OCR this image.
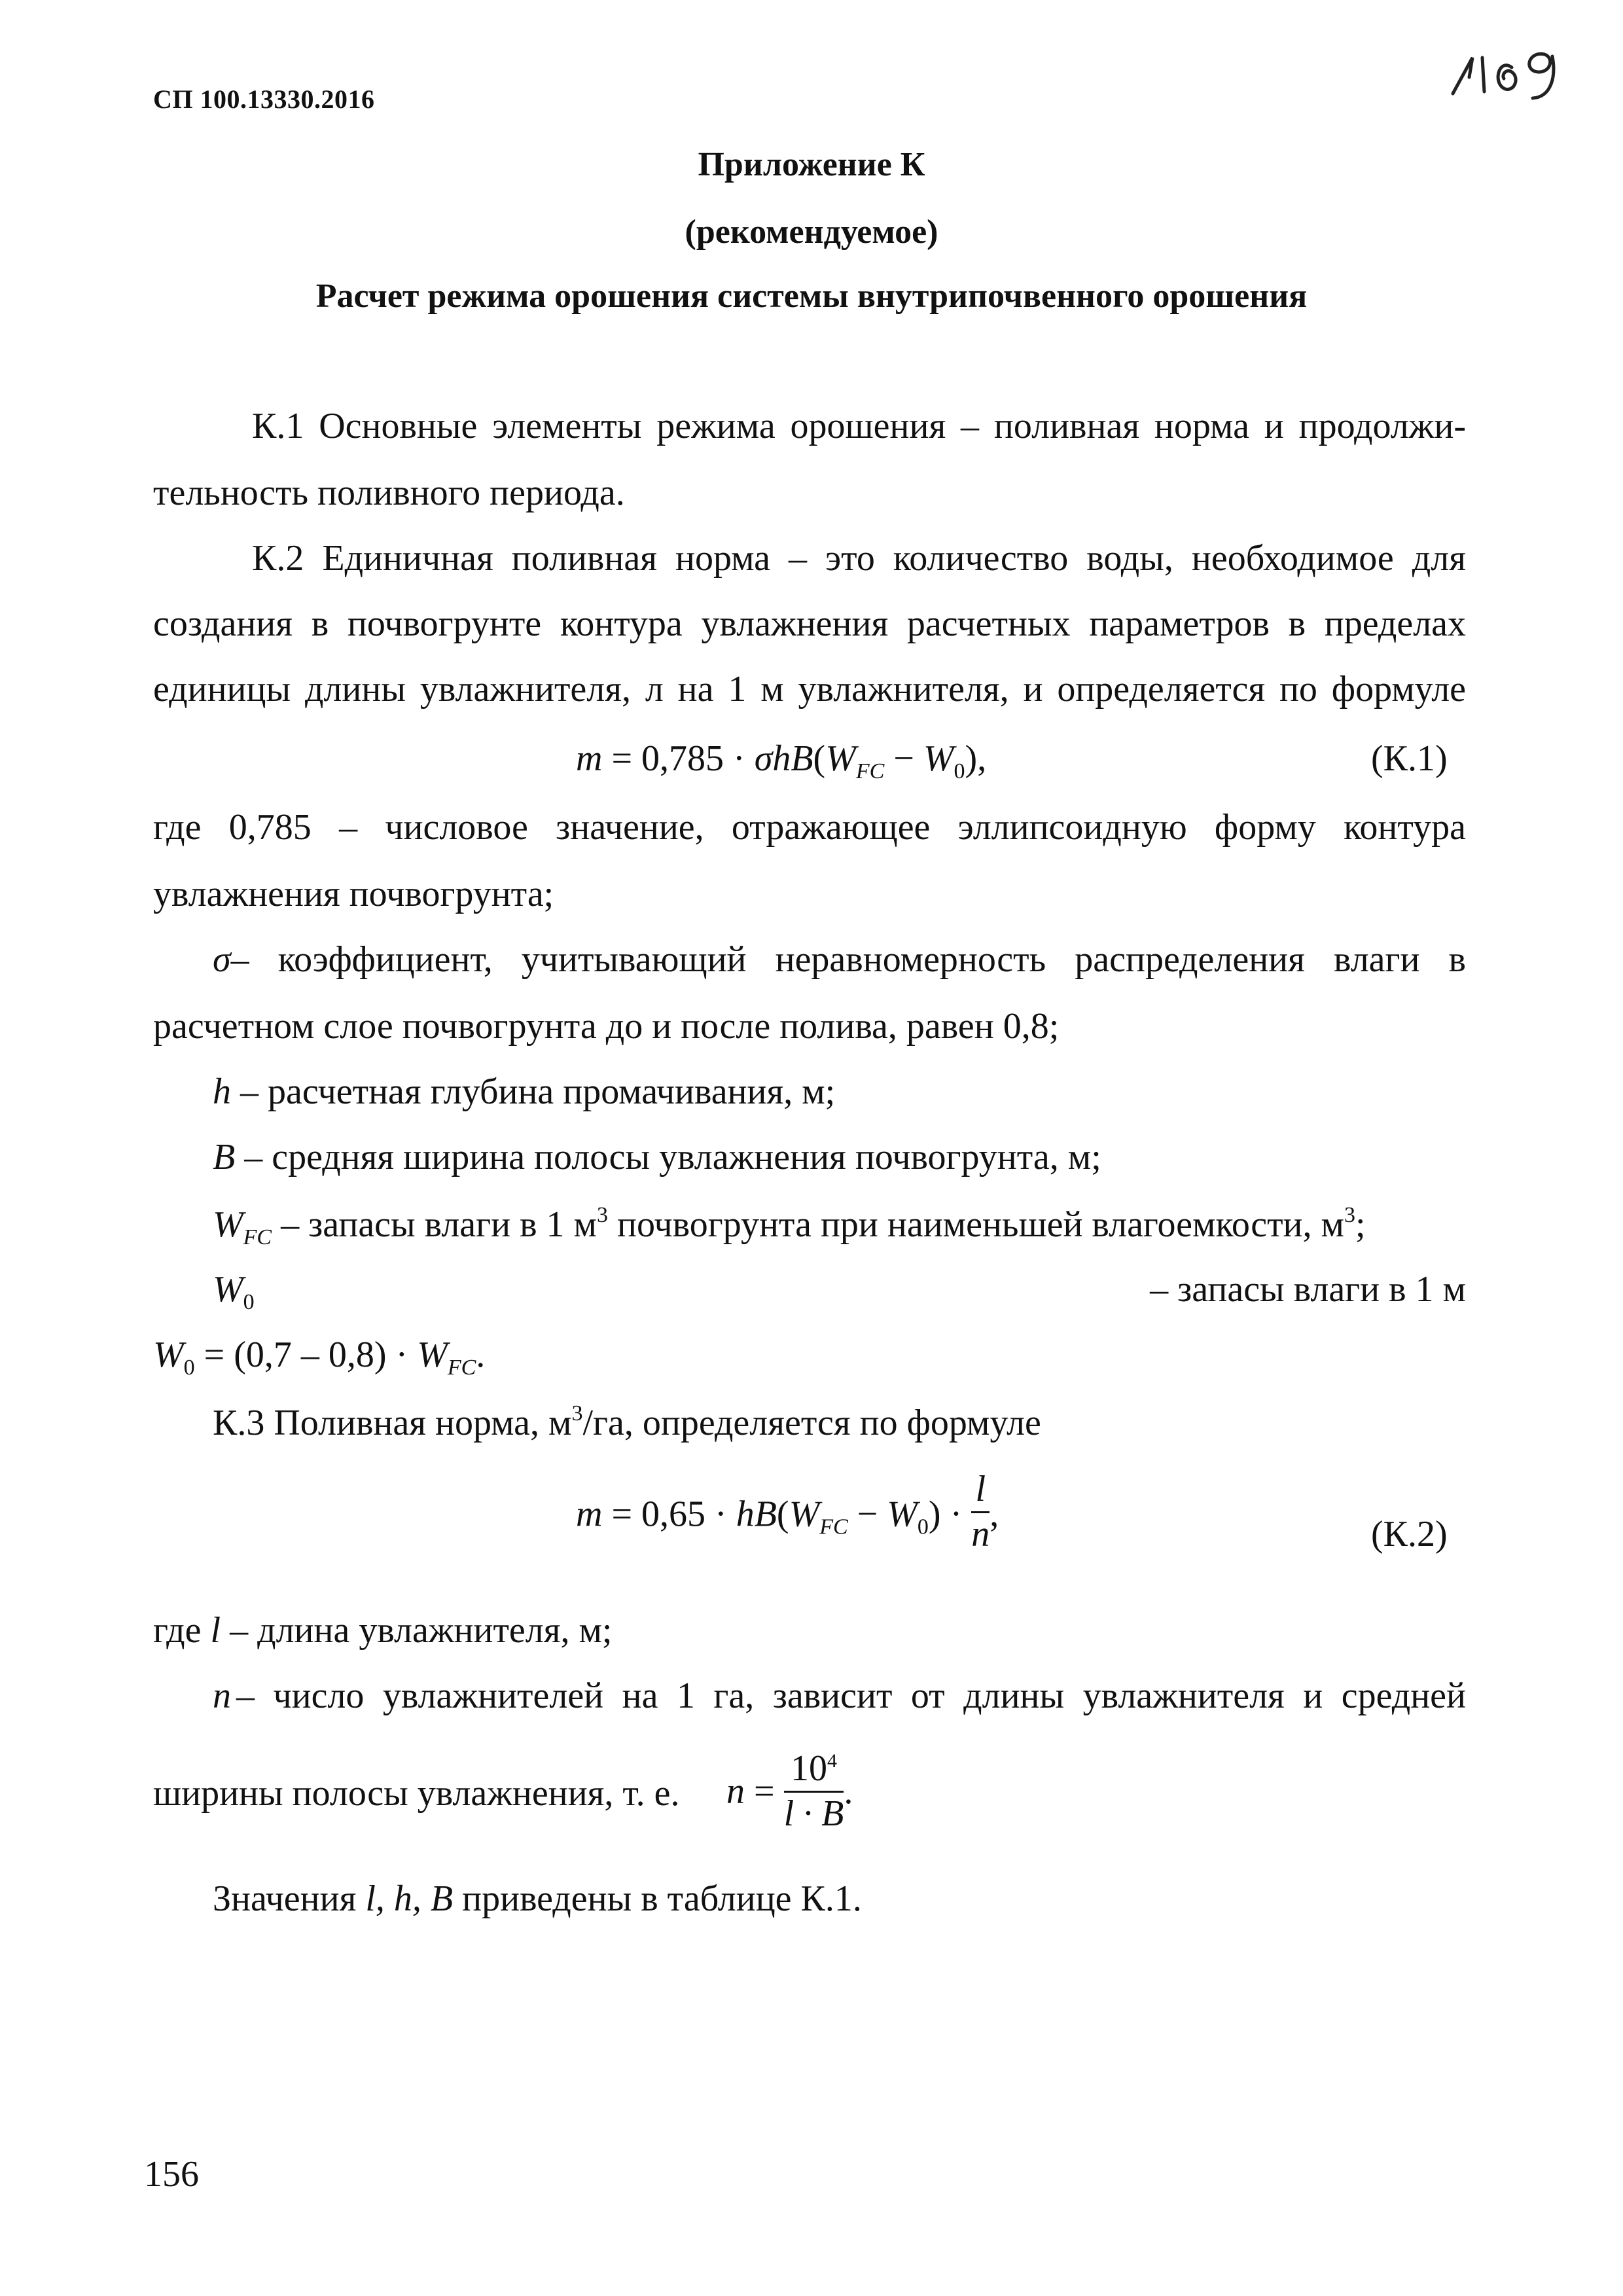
СП 100.13330.2016
Приложение К
(рекомендуемое)
Расчет режима орошения системы внутрипочвенного орошения
К.1 Основные элементы режима орошения – поливная норма и продолжи-
тельность поливного периода.
К.2 Единичная поливная норма – это количество воды, необходимое для
создания в почвогрунте контура увлажнения расчетных параметров в пределах
единицы длины увлажнителя, л на 1 м увлажнителя, и определяется по формуле
$m = 0,785 \cdot \sigma hB(W_{FC} - W_0)$,	(К.1)
где 0,785 – числовое значение, отражающее эллипсоидную форму контура
увлажнения почвогрунта;
σ – коэффициент, учитывающий неравномерность распределения влаги в
расчетном слое почвогрунта до и после полива, равен 0,8;
h – расчетная глубина промачивания, м;
B – средняя ширина полосы увлажнения почвогрунта, м;
$W_{FC}$ – запасы влаги в 1 $м^3$ почвогрунта при наименьшей влагоемкости, $м^3$;
$W_0$	– запасы влаги в 1 м
$W_0 = (0,7 - 0,8) \cdot W_{FC}$.
К.3 Поливная норма, $м^3/га$, определяется по формуле
$m = 0,65 \cdot hB(W_{FC} - W_0) \cdot \frac{l}{n}$ ,	(К.2)
где l – длина увлажнителя, м;
n – число увлажнителей на 1 га, зависит от длины увлажнителя и средней
ширины полосы увлажнения, т. е. $n = \frac{10^4}{l \cdot B}$ .
Значения l, h, B приведены в таблице К.1.
156
